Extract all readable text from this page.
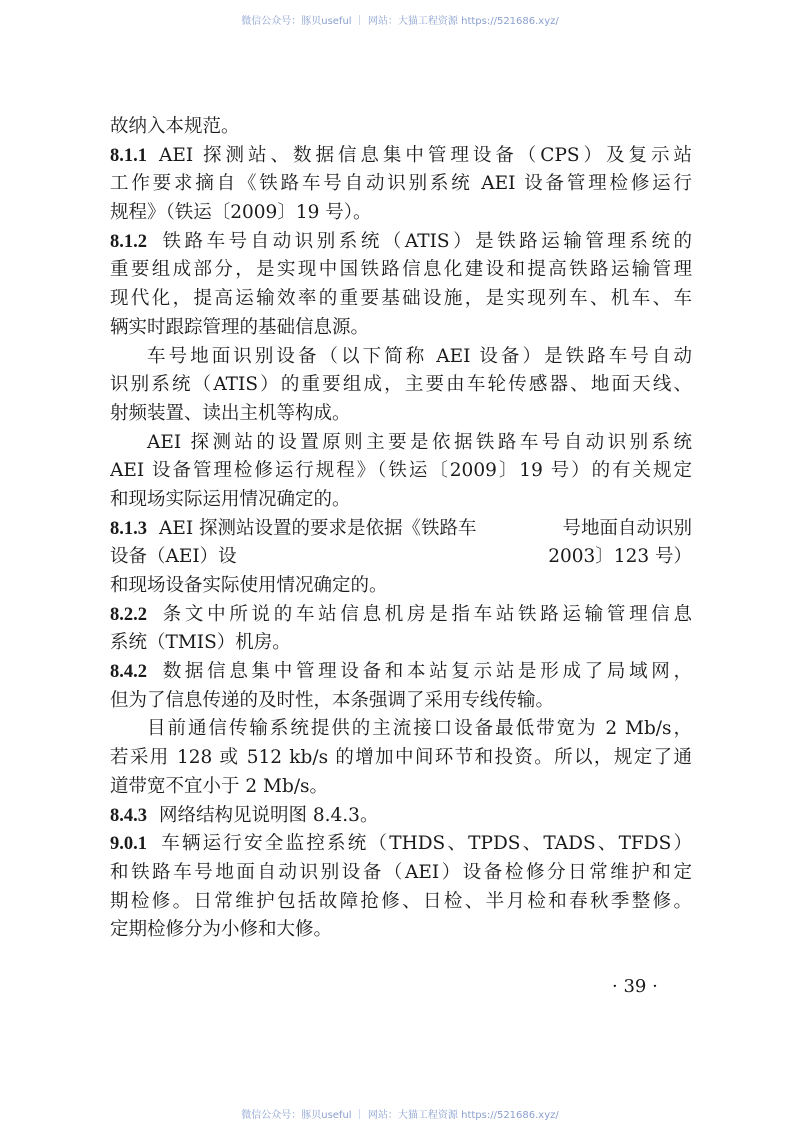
微信公众号：豚贝useful ｜ 网站：大猫工程资源 https://521686.xyz/
故纳入本规范。
8.1.1 AEI 探测站、数据信息集中管理设备（CPS）及复示站
工作要求摘自《铁路车号自动识别系统 AEI 设备管理检修运行
规程》（铁运〔2009〕19 号）。
8.1.2 铁路车号自动识别系统（ATIS）是铁路运输管理系统的
重要组成部分，是实现中国铁路信息化建设和提高铁路运输管理
现代化，提高运输效率的重要基础设施，是实现列车、机车、车
辆实时跟踪管理的基础信息源。
车号地面识别设备（以下简称 AEI 设备）是铁路车号自动
识别系统（ATIS）的重要组成，主要由车轮传感器、地面天线、
射频装置、读出主机等构成。
AEI 探测站的设置原则主要是依据铁路车号自动识别系统
AEI 设备管理检修运行规程》（铁运〔2009〕19 号）的有关规定
和现场实际运用情况确定的。
8.1.3 AEI 探测站设置的要求是依据《铁路车	号地面自动识别
设备（AEI）设	2003〕123 号）
和现场设备实际使用情况确定的。
8.2.2 条文中所说的车站信息机房是指车站铁路运输管理信息
系统（TMIS）机房。
8.4.2 数据信息集中管理设备和本站复示站是形成了局域网，
但为了信息传递的及时性，本条强调了采用专线传输。
目前通信传输系统提供的主流接口设备最低带宽为 2 Mb/s，
若采用 128 或 512 kb/s 的增加中间环节和投资。所以，规定了通
道带宽不宜小于 2 Mb/s。
8.4.3 网络结构见说明图 8.4.3。
9.0.1 车辆运行安全监控系统（THDS、TPDS、TADS、TFDS）
和铁路车号地面自动识别设备（AEI）设备检修分日常维护和定
期检修。日常维护包括故障抢修、日检、半月检和春秋季整修。
定期检修分为小修和大修。
· 39 ·
微信公众号：豚贝useful ｜ 网站：大猫工程资源 https://521686.xyz/
